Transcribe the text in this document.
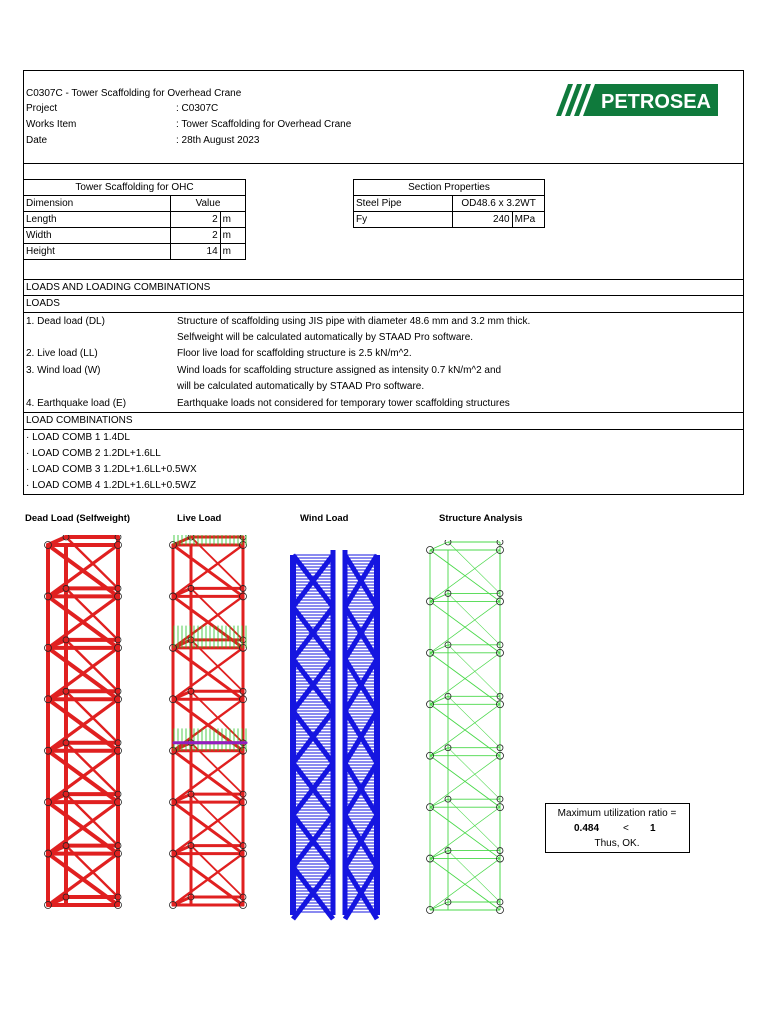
C0307C - Tower Scaffolding for Overhead Crane
Project	: C0307C
Works Item	: Tower Scaffolding for Overhead Crane
Date	: 28th August 2023
PETROSEA
Tower Scaffolding for OHC		
Dimension	Value	
Length	2	m
Width	2	m
Height	14	m
Section Properties		
Steel Pipe	OD48.6 x 3.2WT	
Fy	240	MPa
LOADS AND LOADING COMBINATIONS
LOADS
1. Dead load (DL)	Structure of scaffolding using JIS pipe with diameter 48.6 mm and 3.2 mm thick.
Selfweight will be calculated automatically by STAAD Pro software.
2. Live load (LL)	Floor live load for scaffolding structure is 2.5 kN/m^2.
3. Wind load (W)	Wind loads for scaffolding structure assigned as intensity 0.7 kN/m^2 and
will be calculated automatically by STAAD Pro software.
4. Earthquake load (E)	Earthquake loads not considered for temporary tower scaffolding structures
LOAD COMBINATIONS
· LOAD COMB 1 1.4DL
· LOAD COMB 2 1.2DL+1.6LL
· LOAD COMB 3 1.2DL+1.6LL+0.5WX
· LOAD COMB 4 1.2DL+1.6LL+0.5WZ
Dead Load (Selfweight)	Live Load	Wind Load	Structure Analysis
Maximum utilization ratio =
0.484 < 1
Thus, OK.
